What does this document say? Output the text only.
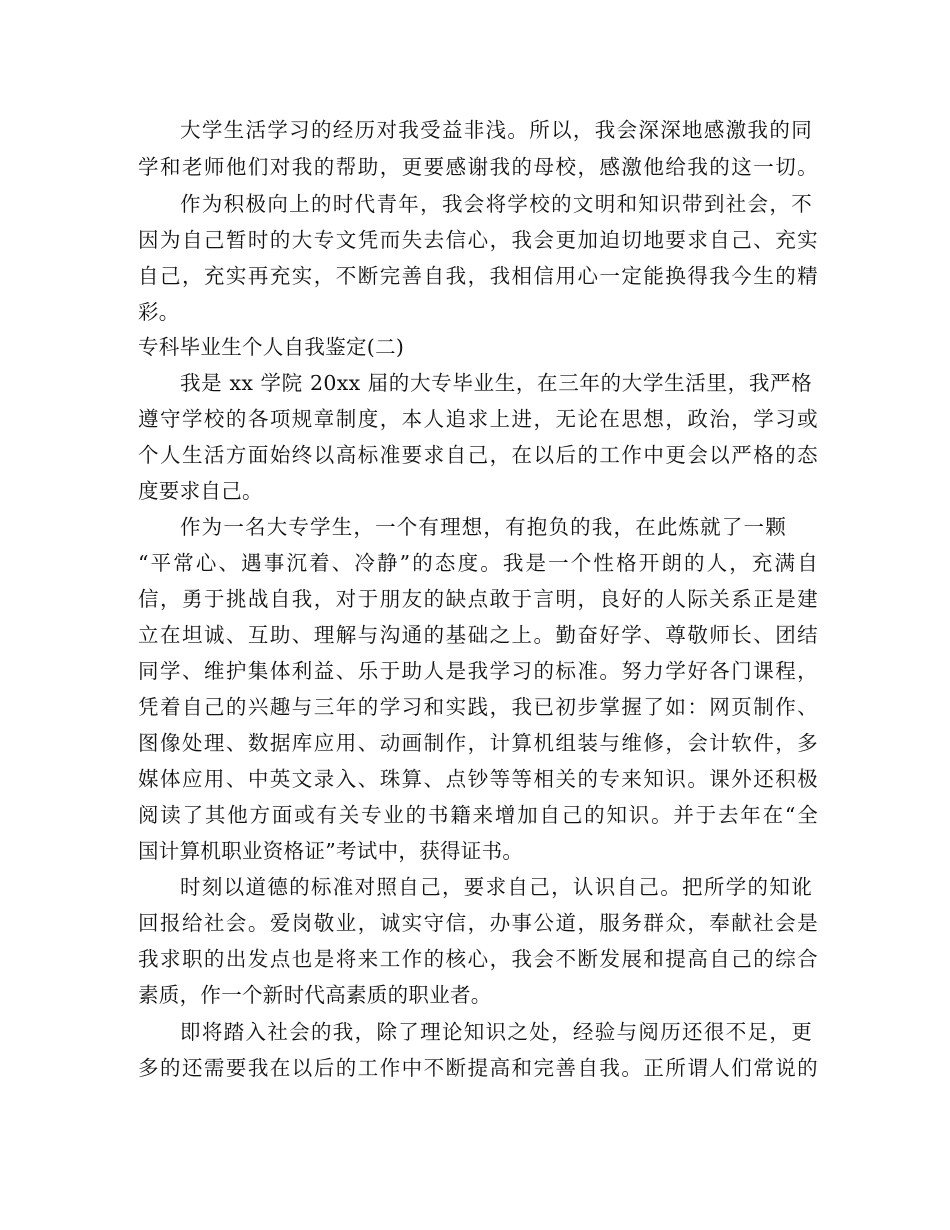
大学生活学习的经历对我受益非浅。所以，我会深深地感激我的同
学和老师他们对我的帮助，更要感谢我的母校，感激他给我的这一切。
作为积极向上的时代青年，我会将学校的文明和知识带到社会，不
因为自己暂时的大专文凭而失去信心，我会更加迫切地要求自己、充实
自己，充实再充实，不断完善自我，我相信用心一定能换得我今生的精
彩。
专科毕业生个人自我鉴定(二)
我是 xx 学院 20xx 届的大专毕业生，在三年的大学生活里，我严格
遵守学校的各项规章制度，本人追求上进，无论在思想，政治，学习或
个人生活方面始终以高标准要求自己，在以后的工作中更会以严格的态
度要求自己。
作为一名大专学生，一个有理想，有抱负的我，在此炼就了一颗
“平常心、遇事沉着、冷静”的态度。我是一个性格开朗的人，充满自
信，勇于挑战自我，对于朋友的缺点敢于言明，良好的人际关系正是建
立在坦诚、互助、理解与沟通的基础之上。勤奋好学、尊敬师长、团结
同学、维护集体利益、乐于助人是我学习的标准。努力学好各门课程，
凭着自己的兴趣与三年的学习和实践，我已初步掌握了如：网页制作、
图像处理、数据库应用、动画制作，计算机组装与维修，会计软件，多
媒体应用、中英文录入、珠算、点钞等等相关的专来知识。课外还积极
阅读了其他方面或有关专业的书籍来增加自己的知识。并于去年在“全
国计算机职业资格证”考试中，获得证书。
时刻以道德的标准对照自己，要求自己，认识自己。把所学的知讹
回报给社会。爱岗敬业，诚实守信，办事公道，服务群众，奉献社会是
我求职的出发点也是将来工作的核心，我会不断发展和提高自己的综合
素质，作一个新时代高素质的职业者。
即将踏入社会的我，除了理论知识之处，经验与阅历还很不足，更
多的还需要我在以后的工作中不断提高和完善自我。正所谓人们常说的
